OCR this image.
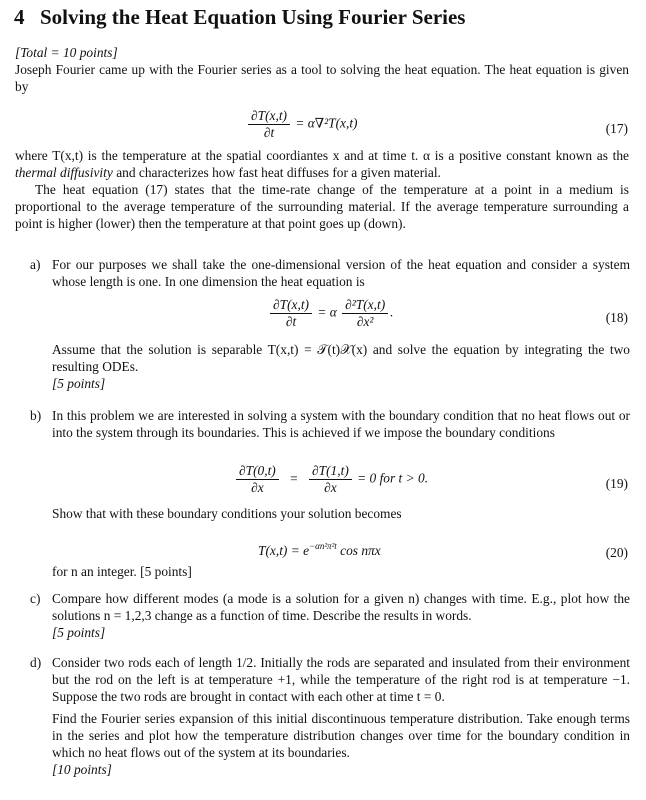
4 Solving the Heat Equation Using Fourier Series
[Total = 10 points]
Joseph Fourier came up with the Fourier series as a tool to solving the heat equation. The heat equation is given by
$\frac{\partial T(x,t)}{\partial t} = \alpha\nabla^2T(x,t)$	(17)
where T(x,t) is the temperature at the spatial coordiantes x and at time t. α is a positive constant known as the thermal diffusivity and characterizes how fast heat diffuses for a given material.
The heat equation (17) states that the time-rate change of the temperature at a point in a medium is proportional to the average temperature of the surrounding material. If the average temperature surrounding a point is higher (lower) then the temperature at that point goes up (down).
a) For our purposes we shall take the one-dimensional version of the heat equation and consider a system whose length is one. In one dimension the heat equation is
$\frac{\partial T(x,t)}{\partial t} = \alpha \frac{\text{∂²T(x,t)}}{\text{∂x²}}$ .	(18)
Assume that the solution is separable T(x,t) = 𝒯(t)𝒳(x) and solve the equation by integrating the two resulting ODEs.
[5 points]
b) In this problem we are interested in solving a system with the boundary condition that no heat flows out or into the system through its boundaries. This is achieved if we impose the boundary conditions
$\frac{\partial T(0,t)}{\partial x} = \frac{\partial T(1,t)}{\partial x} = 0$ for t > 0.	(19)
Show that with these boundary conditions your solution becomes
$T(x,t) = e^{-\alpha n^2\pi^2t}$ cos nπx	(20)
for n an integer. [5 points]
c) Compare how different modes (a mode is a solution for a given n) changes with time. E.g., plot how the solutions n = 1,2,3 change as a function of time. Describe the results in words.
[5 points]
d) Consider two rods each of length 1/2. Initially the rods are separated and insulated from their environment but the rod on the left is at temperature +1, while the temperature of the right rod is at temperature −1. Suppose the two rods are brought in contact with each other at time t = 0.
Find the Fourier series expansion of this initial discontinuous temperature distribution. Take enough terms in the series and plot how the temperature distribution changes over time for the boundary condition in which no heat flows out of the system at its boundaries.
[10 points]
